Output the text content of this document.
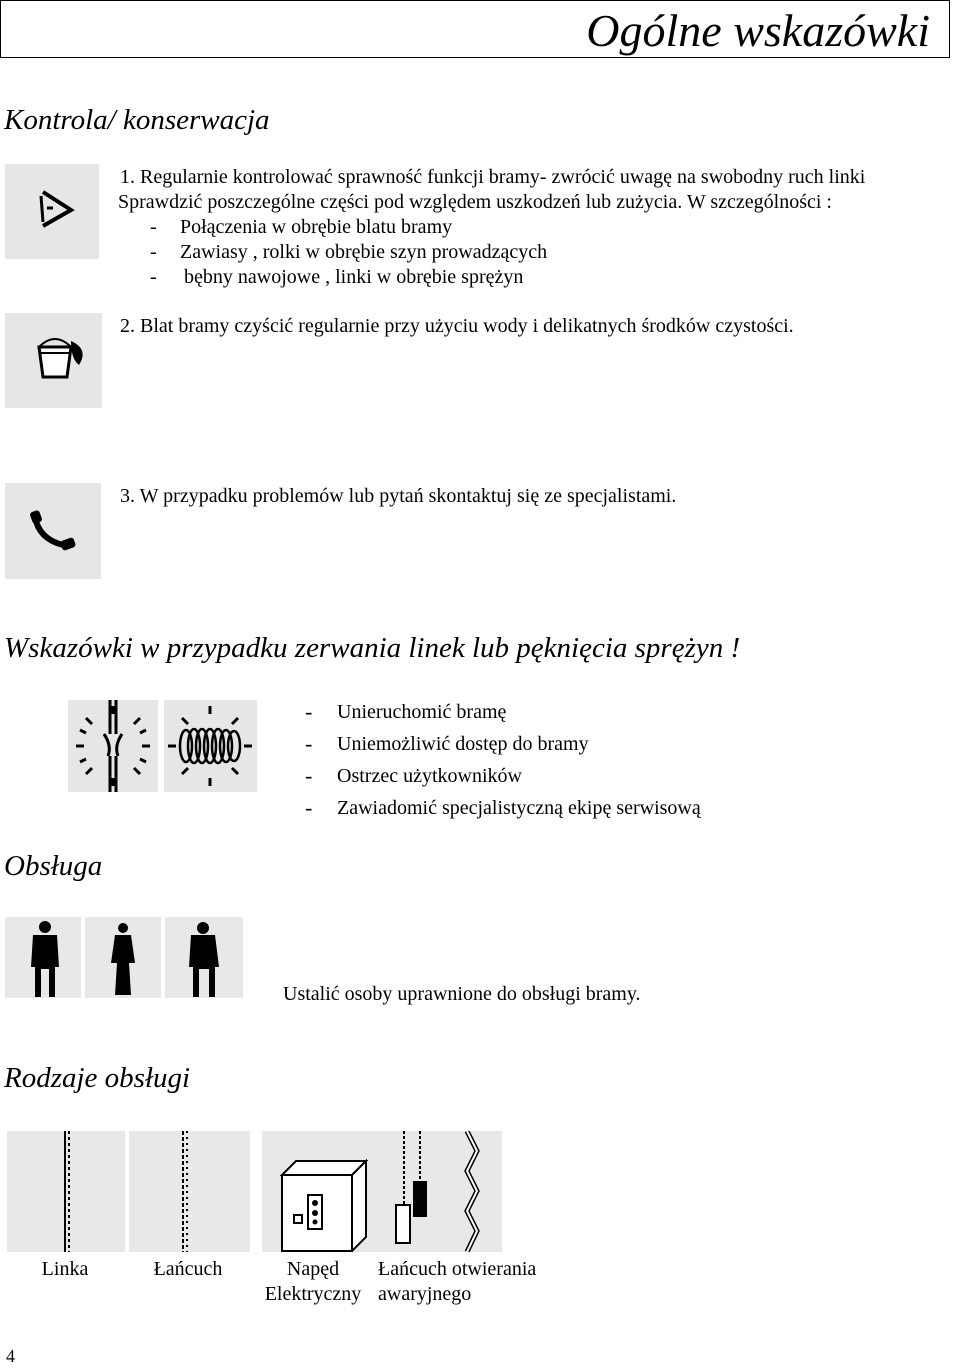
Ogólne wskazówki
Kontrola/ konserwacja
1. Regularnie kontrolować sprawność funkcji bramy- zwrócić uwagę na swobodny ruch linki
Sprawdzić poszczególne części pod względem uszkodzeń lub zużycia. W szczególności :
- Połączenia w obrębie blatu bramy
- Zawiasy , rolki w obrębie szyn prowadzących
- bębny nawojowe , linki w obrębie sprężyn
2. Blat bramy czyścić regularnie przy użyciu wody i delikatnych środków czystości.
3. W przypadku problemów lub pytań skontaktuj się ze specjalistami.
Wskazówki w przypadku zerwania linek lub pęknięcia sprężyn !
-	Unieruchomić bramę
-	Uniemożliwić dostęp do bramy
-	Ostrzec użytkowników
-	Zawiadomić specjalistyczną ekipę serwisową
Obsługa
Ustalić osoby uprawnione do obsługi bramy.
Rodzaje obsługi
Linka	Łańcuch	Napęd
Elektryczny
Łańcuch otwierania
awaryjnego
4
